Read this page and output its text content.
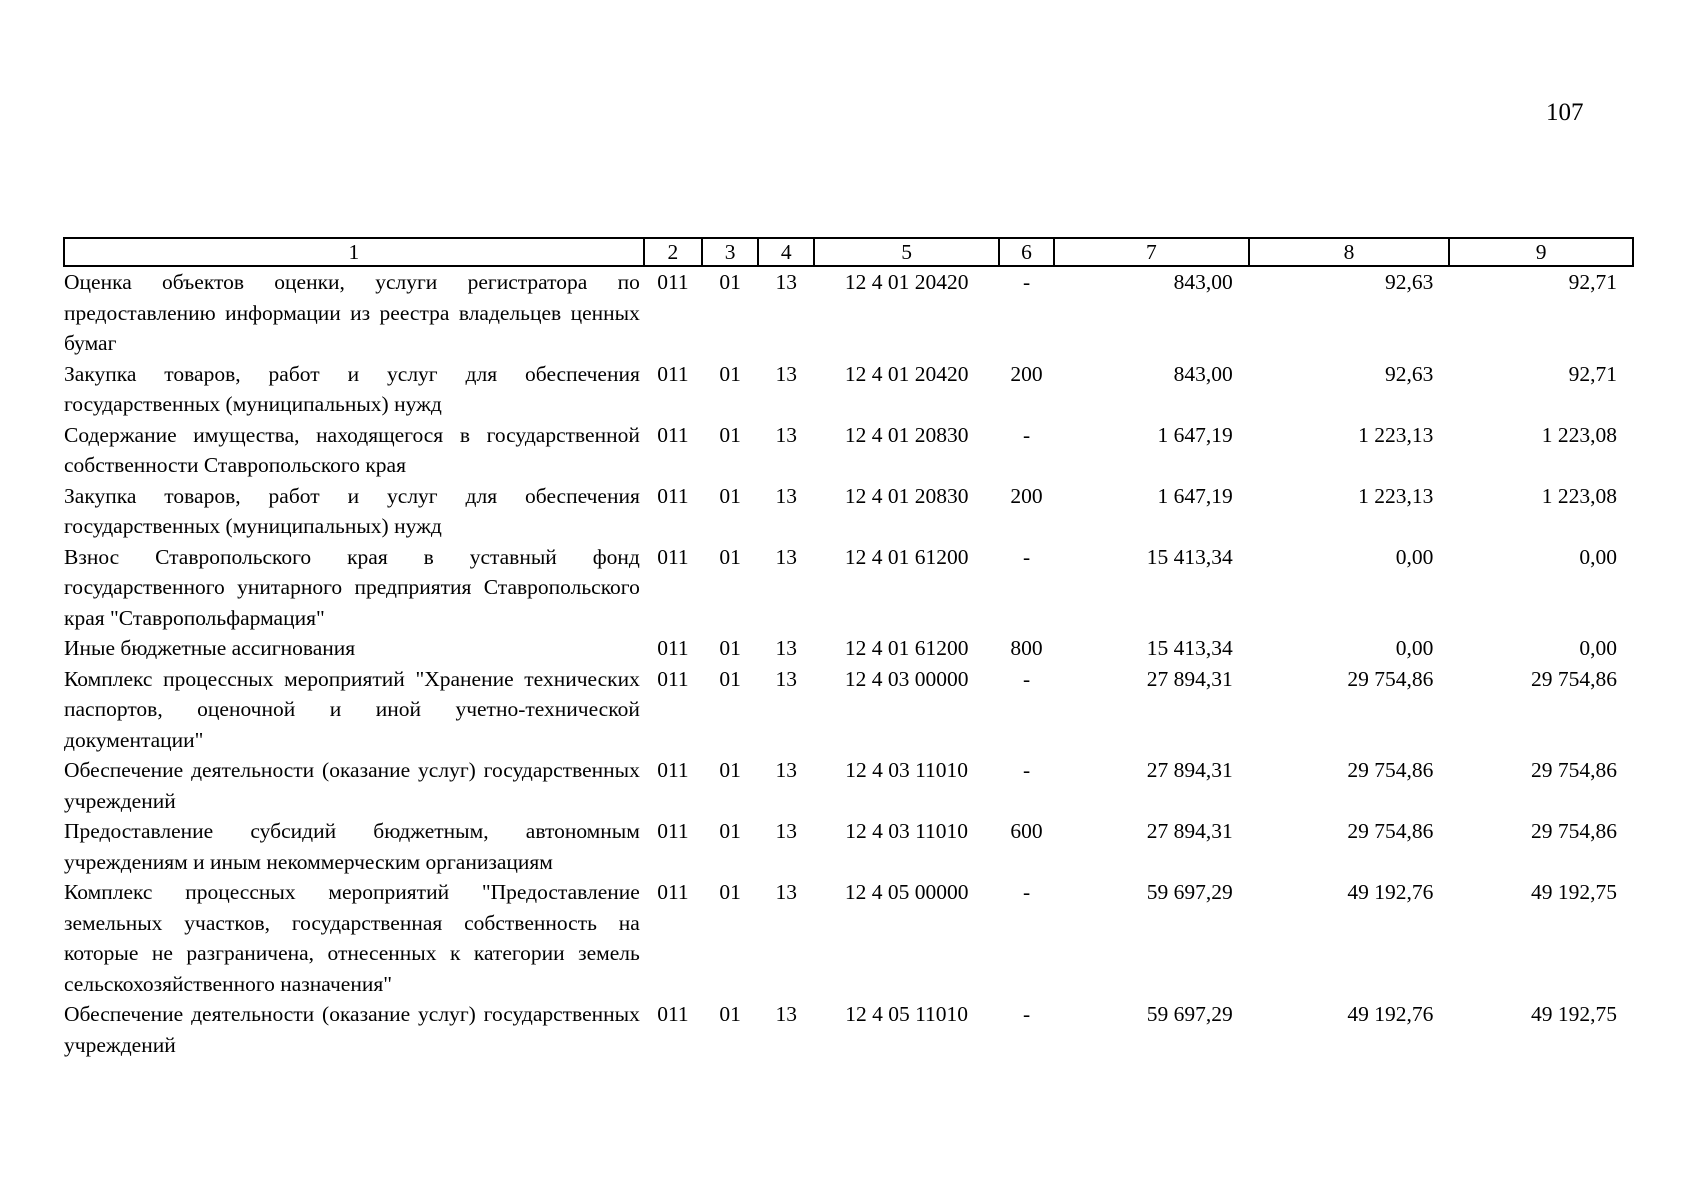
107
1	2	3	4	5	6	7	8	9
Оценка объектов оценки, услуги регистратора по предоставлению информации из реестра владельцев ценных бумаг	011	01	13	12 4 01 20420	-	843,00	92,63	92,71
Закупка товаров, работ и услуг для обеспечения государственных (муниципальных) нужд	011	01	13	12 4 01 20420	200	843,00	92,63	92,71
Содержание имущества, находящегося в государственной собственности Ставропольского края	011	01	13	12 4 01 20830	-	1 647,19	1 223,13	1 223,08
Закупка товаров, работ и услуг для обеспечения государственных (муниципальных) нужд	011	01	13	12 4 01 20830	200	1 647,19	1 223,13	1 223,08
Взнос Ставропольского края в уставный фонд государственного унитарного предприятия Ставропольского края "Ставропольфармация"	011	01	13	12 4 01 61200	-	15 413,34	0,00	0,00
Иные бюджетные ассигнования	011	01	13	12 4 01 61200	800	15 413,34	0,00	0,00
Комплекс процессных мероприятий "Хранение технических паспортов, оценочной и иной учетно-технической документации"	011	01	13	12 4 03 00000	-	27 894,31	29 754,86	29 754,86
Обеспечение деятельности (оказание услуг) государственных учреждений	011	01	13	12 4 03 11010	-	27 894,31	29 754,86	29 754,86
Предоставление субсидий бюджетным, автономным учреждениям и иным некоммерческим организациям	011	01	13	12 4 03 11010	600	27 894,31	29 754,86	29 754,86
Комплекс процессных мероприятий "Предоставление земельных участков, государственная собственность на которые не разграничена, отнесенных к категории земель сельскохозяйственного назначения"	011	01	13	12 4 05 00000	-	59 697,29	49 192,76	49 192,75
Обеспечение деятельности (оказание услуг) государственных учреждений	011	01	13	12 4 05 11010	-	59 697,29	49 192,76	49 192,75
